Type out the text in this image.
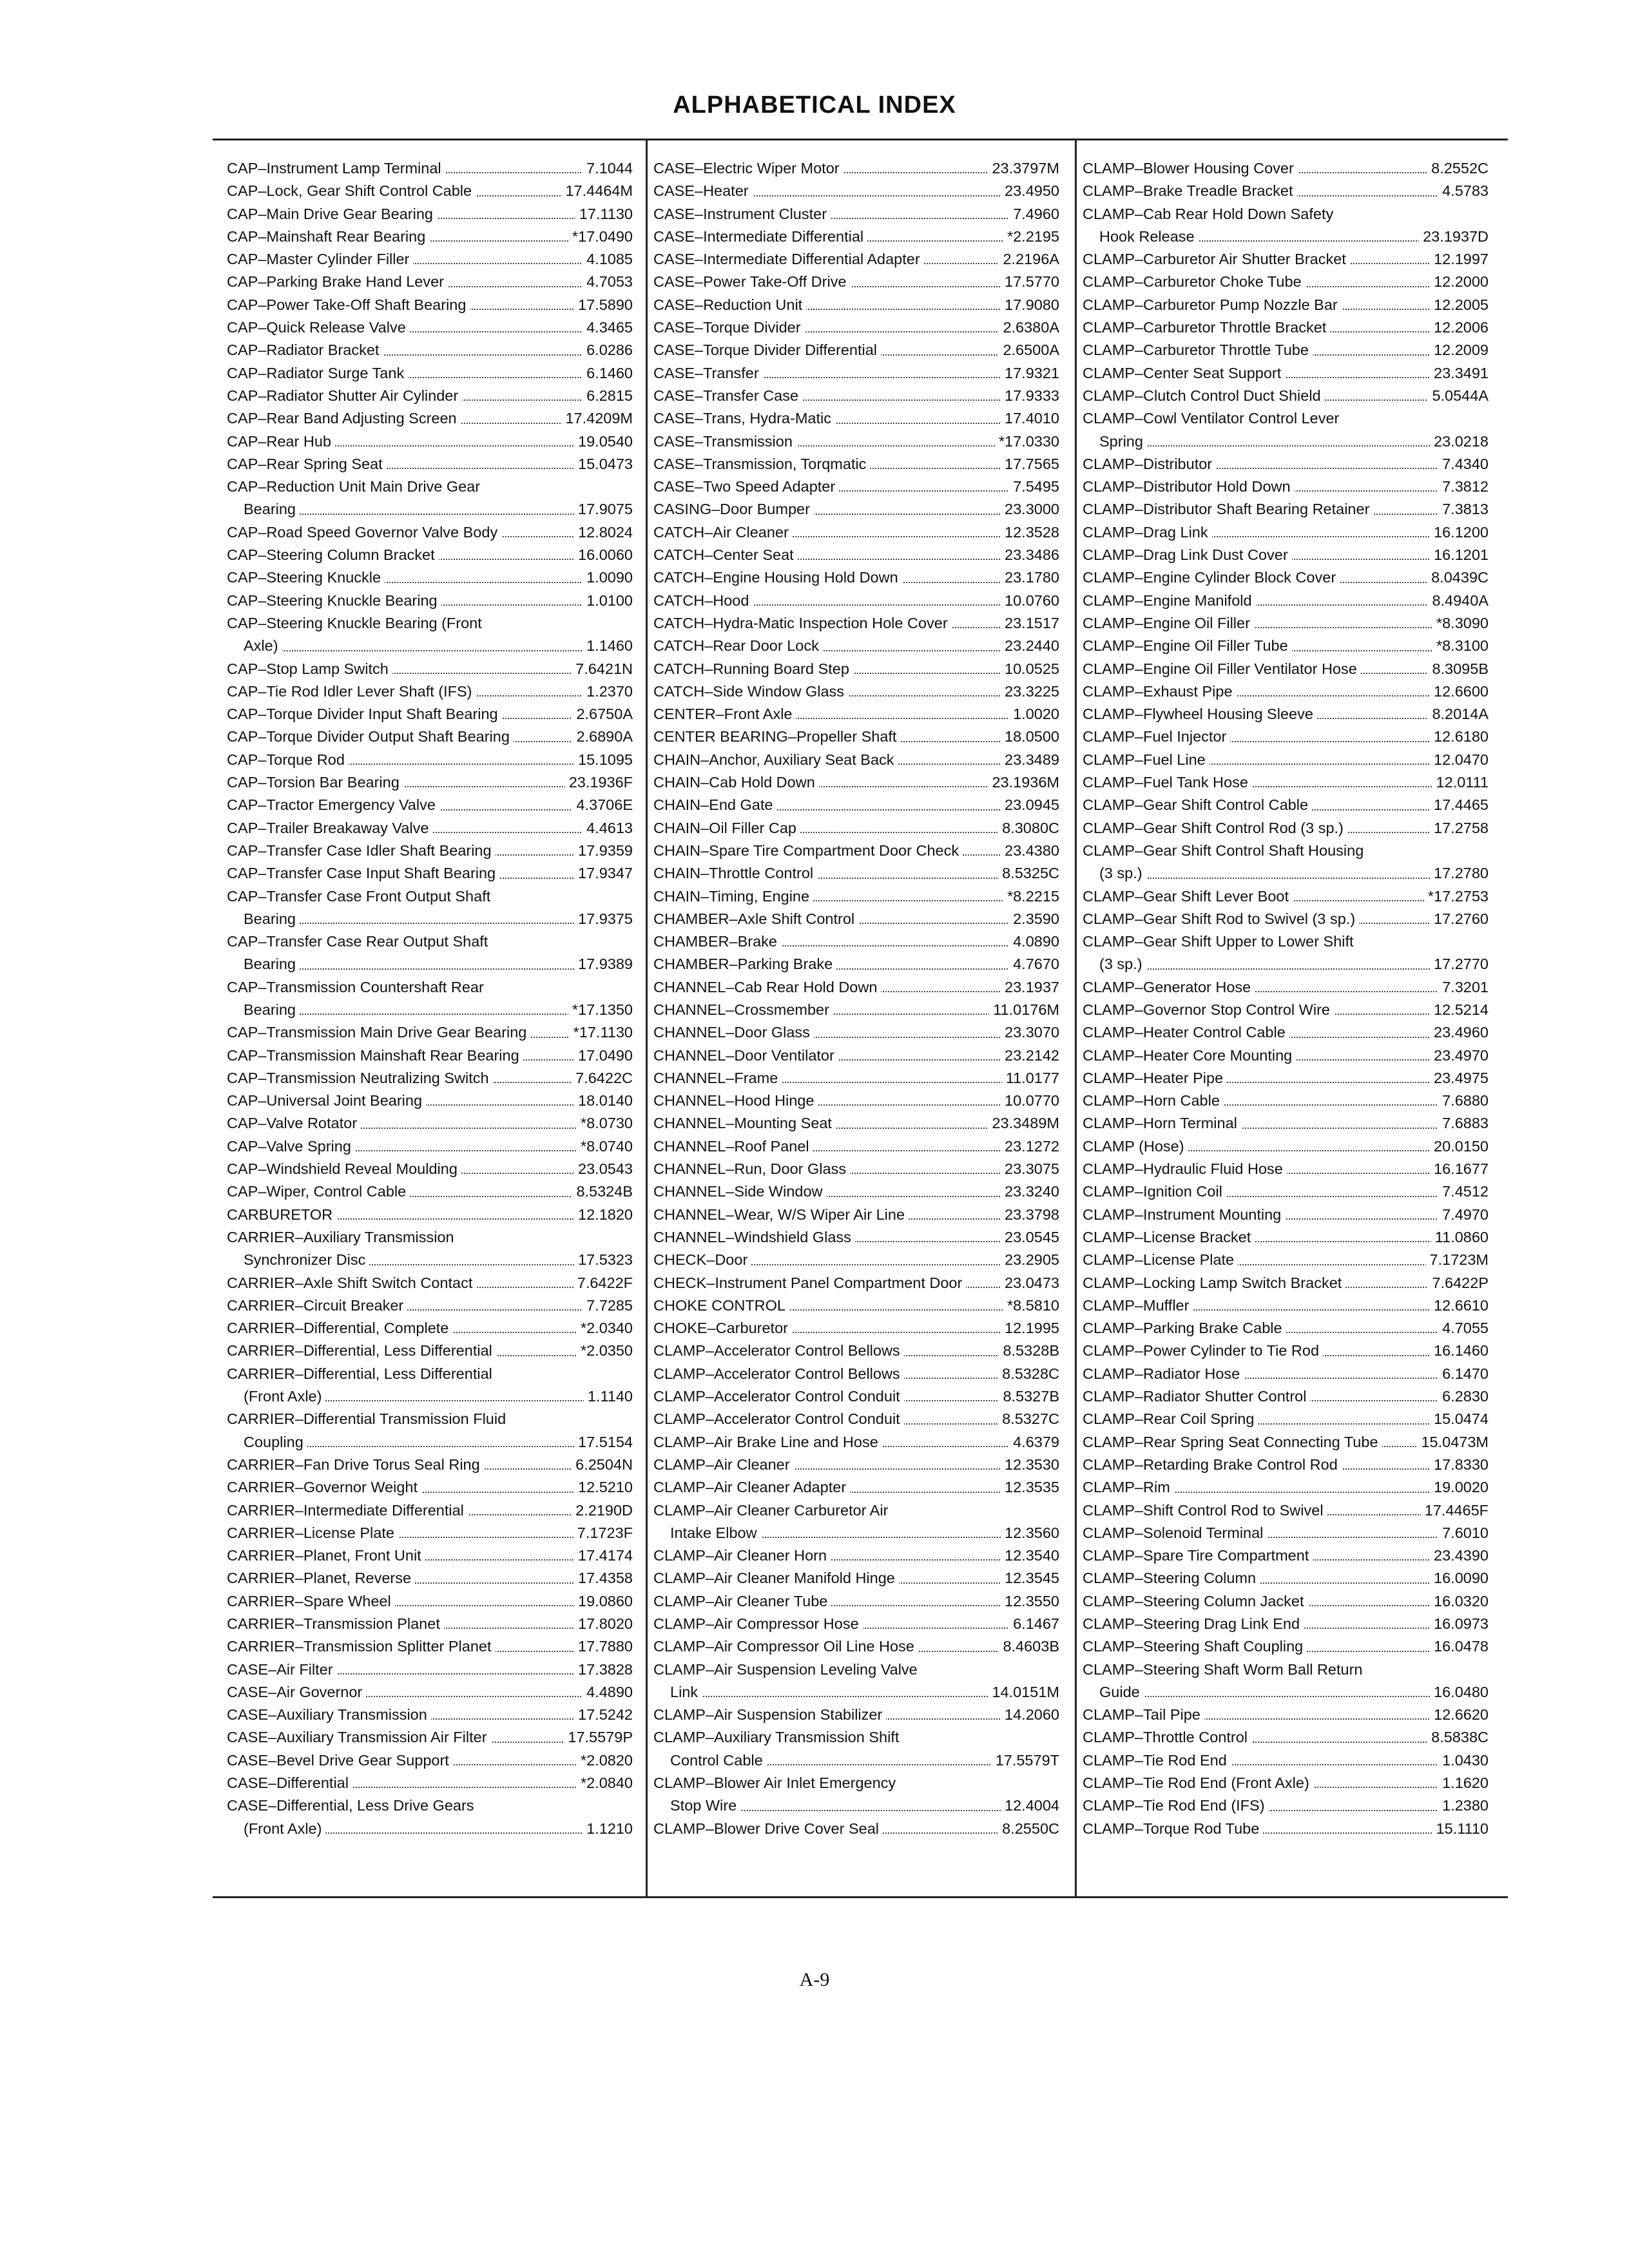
ALPHABETICAL INDEX
CAP–Instrument Lamp Terminal	7.1044
CAP–Lock, Gear Shift Control Cable	17.4464M
CAP–Main Drive Gear Bearing	17.1130
CAP–Mainshaft Rear Bearing	*17.0490
CAP–Master Cylinder Filler	4.1085
CAP–Parking Brake Hand Lever	4.7053
CAP–Power Take-Off Shaft Bearing	17.5890
CAP–Quick Release Valve	4.3465
CAP–Radiator Bracket	6.0286
CAP–Radiator Surge Tank	6.1460
CAP–Radiator Shutter Air Cylinder	6.2815
CAP–Rear Band Adjusting Screen	17.4209M
CAP–Rear Hub	19.0540
CAP–Rear Spring Seat	15.0473
CAP–Reduction Unit Main Drive Gear
Bearing	17.9075
CAP–Road Speed Governor Valve Body	12.8024
CAP–Steering Column Bracket	16.0060
CAP–Steering Knuckle	1.0090
CAP–Steering Knuckle Bearing	1.0100
CAP–Steering Knuckle Bearing (Front
Axle)	1.1460
CAP–Stop Lamp Switch	7.6421N
CAP–Tie Rod Idler Lever Shaft (IFS)	1.2370
CAP–Torque Divider Input Shaft Bearing	2.6750A
CAP–Torque Divider Output Shaft Bearing	2.6890A
CAP–Torque Rod	15.1095
CAP–Torsion Bar Bearing	23.1936F
CAP–Tractor Emergency Valve	4.3706E
CAP–Trailer Breakaway Valve	4.4613
CAP–Transfer Case Idler Shaft Bearing	17.9359
CAP–Transfer Case Input Shaft Bearing	17.9347
CAP–Transfer Case Front Output Shaft
Bearing	17.9375
CAP–Transfer Case Rear Output Shaft
Bearing	17.9389
CAP–Transmission Countershaft Rear
Bearing	*17.1350
CAP–Transmission Main Drive Gear Bearing	*17.1130
CAP–Transmission Mainshaft Rear Bearing	17.0490
CAP–Transmission Neutralizing Switch	7.6422C
CAP–Universal Joint Bearing	18.0140
CAP–Valve Rotator	*8.0730
CAP–Valve Spring	*8.0740
CAP–Windshield Reveal Moulding	23.0543
CAP–Wiper, Control Cable	8.5324B
CARBURETOR	12.1820
CARRIER–Auxiliary Transmission
Synchronizer Disc	17.5323
CARRIER–Axle Shift Switch Contact	7.6422F
CARRIER–Circuit Breaker	7.7285
CARRIER–Differential, Complete	*2.0340
CARRIER–Differential, Less Differential	*2.0350
CARRIER–Differential, Less Differential
(Front Axle)	1.1140
CARRIER–Differential Transmission Fluid
Coupling	17.5154
CARRIER–Fan Drive Torus Seal Ring	6.2504N
CARRIER–Governor Weight	12.5210
CARRIER–Intermediate Differential	2.2190D
CARRIER–License Plate	7.1723F
CARRIER–Planet, Front Unit	17.4174
CARRIER–Planet, Reverse	17.4358
CARRIER–Spare Wheel	19.0860
CARRIER–Transmission Planet	17.8020
CARRIER–Transmission Splitter Planet	17.7880
CASE–Air Filter	17.3828
CASE–Air Governor	4.4890
CASE–Auxiliary Transmission	17.5242
CASE–Auxiliary Transmission Air Filter	17.5579P
CASE–Bevel Drive Gear Support	*2.0820
CASE–Differential	*2.0840
CASE–Differential, Less Drive Gears
(Front Axle)	1.1210
CASE–Electric Wiper Motor	23.3797M
CASE–Heater	23.4950
CASE–Instrument Cluster	7.4960
CASE–Intermediate Differential	*2.2195
CASE–Intermediate Differential Adapter	2.2196A
CASE–Power Take-Off Drive	17.5770
CASE–Reduction Unit	17.9080
CASE–Torque Divider	2.6380A
CASE–Torque Divider Differential	2.6500A
CASE–Transfer	17.9321
CASE–Transfer Case	17.9333
CASE–Trans, Hydra-Matic	17.4010
CASE–Transmission	*17.0330
CASE–Transmission, Torqmatic	17.7565
CASE–Two Speed Adapter	7.5495
CASING–Door Bumper	23.3000
CATCH–Air Cleaner	12.3528
CATCH–Center Seat	23.3486
CATCH–Engine Housing Hold Down	23.1780
CATCH–Hood	10.0760
CATCH–Hydra-Matic Inspection Hole Cover	23.1517
CATCH–Rear Door Lock	23.2440
CATCH–Running Board Step	10.0525
CATCH–Side Window Glass	23.3225
CENTER–Front Axle	1.0020
CENTER BEARING–Propeller Shaft	18.0500
CHAIN–Anchor, Auxiliary Seat Back	23.3489
CHAIN–Cab Hold Down	23.1936M
CHAIN–End Gate	23.0945
CHAIN–Oil Filler Cap	8.3080C
CHAIN–Spare Tire Compartment Door Check	23.4380
CHAIN–Throttle Control	8.5325C
CHAIN–Timing, Engine	*8.2215
CHAMBER–Axle Shift Control	2.3590
CHAMBER–Brake	4.0890
CHAMBER–Parking Brake	4.7670
CHANNEL–Cab Rear Hold Down	23.1937
CHANNEL–Crossmember	11.0176M
CHANNEL–Door Glass	23.3070
CHANNEL–Door Ventilator	23.2142
CHANNEL–Frame	11.0177
CHANNEL–Hood Hinge	10.0770
CHANNEL–Mounting Seat	23.3489M
CHANNEL–Roof Panel	23.1272
CHANNEL–Run, Door Glass	23.3075
CHANNEL–Side Window	23.3240
CHANNEL–Wear, W/S Wiper Air Line	23.3798
CHANNEL–Windshield Glass	23.0545
CHECK–Door	23.2905
CHECK–Instrument Panel Compartment Door	23.0473
CHOKE CONTROL	*8.5810
CHOKE–Carburetor	12.1995
CLAMP–Accelerator Control Bellows	8.5328B
CLAMP–Accelerator Control Bellows	8.5328C
CLAMP–Accelerator Control Conduit	8.5327B
CLAMP–Accelerator Control Conduit	8.5327C
CLAMP–Air Brake Line and Hose	4.6379
CLAMP–Air Cleaner	12.3530
CLAMP–Air Cleaner Adapter	12.3535
CLAMP–Air Cleaner Carburetor Air
Intake Elbow	12.3560
CLAMP–Air Cleaner Horn	12.3540
CLAMP–Air Cleaner Manifold Hinge	12.3545
CLAMP–Air Cleaner Tube	12.3550
CLAMP–Air Compressor Hose	6.1467
CLAMP–Air Compressor Oil Line Hose	8.4603B
CLAMP–Air Suspension Leveling Valve
Link	14.0151M
CLAMP–Air Suspension Stabilizer	14.2060
CLAMP–Auxiliary Transmission Shift
Control Cable	17.5579T
CLAMP–Blower Air Inlet Emergency
Stop Wire	12.4004
CLAMP–Blower Drive Cover Seal	8.2550C
CLAMP–Blower Housing Cover	8.2552C
CLAMP–Brake Treadle Bracket	4.5783
CLAMP–Cab Rear Hold Down Safety
Hook Release	23.1937D
CLAMP–Carburetor Air Shutter Bracket	12.1997
CLAMP–Carburetor Choke Tube	12.2000
CLAMP–Carburetor Pump Nozzle Bar	12.2005
CLAMP–Carburetor Throttle Bracket	12.2006
CLAMP–Carburetor Throttle Tube	12.2009
CLAMP–Center Seat Support	23.3491
CLAMP–Clutch Control Duct Shield	5.0544A
CLAMP–Cowl Ventilator Control Lever
Spring	23.0218
CLAMP–Distributor	7.4340
CLAMP–Distributor Hold Down	7.3812
CLAMP–Distributor Shaft Bearing Retainer	7.3813
CLAMP–Drag Link	16.1200
CLAMP–Drag Link Dust Cover	16.1201
CLAMP–Engine Cylinder Block Cover	8.0439C
CLAMP–Engine Manifold	8.4940A
CLAMP–Engine Oil Filler	*8.3090
CLAMP–Engine Oil Filler Tube	*8.3100
CLAMP–Engine Oil Filler Ventilator Hose	8.3095B
CLAMP–Exhaust Pipe	12.6600
CLAMP–Flywheel Housing Sleeve	8.2014A
CLAMP–Fuel Injector	12.6180
CLAMP–Fuel Line	12.0470
CLAMP–Fuel Tank Hose	12.0111
CLAMP–Gear Shift Control Cable	17.4465
CLAMP–Gear Shift Control Rod (3 sp.)	17.2758
CLAMP–Gear Shift Control Shaft Housing
(3 sp.)	17.2780
CLAMP–Gear Shift Lever Boot	*17.2753
CLAMP–Gear Shift Rod to Swivel (3 sp.)	17.2760
CLAMP–Gear Shift Upper to Lower Shift
(3 sp.)	17.2770
CLAMP–Generator Hose	7.3201
CLAMP–Governor Stop Control Wire	12.5214
CLAMP–Heater Control Cable	23.4960
CLAMP–Heater Core Mounting	23.4970
CLAMP–Heater Pipe	23.4975
CLAMP–Horn Cable	7.6880
CLAMP–Horn Terminal	7.6883
CLAMP (Hose)	20.0150
CLAMP–Hydraulic Fluid Hose	16.1677
CLAMP–Ignition Coil	7.4512
CLAMP–Instrument Mounting	7.4970
CLAMP–License Bracket	11.0860
CLAMP–License Plate	7.1723M
CLAMP–Locking Lamp Switch Bracket	7.6422P
CLAMP–Muffler	12.6610
CLAMP–Parking Brake Cable	4.7055
CLAMP–Power Cylinder to Tie Rod	16.1460
CLAMP–Radiator Hose	6.1470
CLAMP–Radiator Shutter Control	6.2830
CLAMP–Rear Coil Spring	15.0474
CLAMP–Rear Spring Seat Connecting Tube	15.0473M
CLAMP–Retarding Brake Control Rod	17.8330
CLAMP–Rim	19.0020
CLAMP–Shift Control Rod to Swivel	17.4465F
CLAMP–Solenoid Terminal	7.6010
CLAMP–Spare Tire Compartment	23.4390
CLAMP–Steering Column	16.0090
CLAMP–Steering Column Jacket	16.0320
CLAMP–Steering Drag Link End	16.0973
CLAMP–Steering Shaft Coupling	16.0478
CLAMP–Steering Shaft Worm Ball Return
Guide	16.0480
CLAMP–Tail Pipe	12.6620
CLAMP–Throttle Control	8.5838C
CLAMP–Tie Rod End	1.0430
CLAMP–Tie Rod End (Front Axle)	1.1620
CLAMP–Tie Rod End (IFS)	1.2380
CLAMP–Torque Rod Tube	15.1110
A-9
